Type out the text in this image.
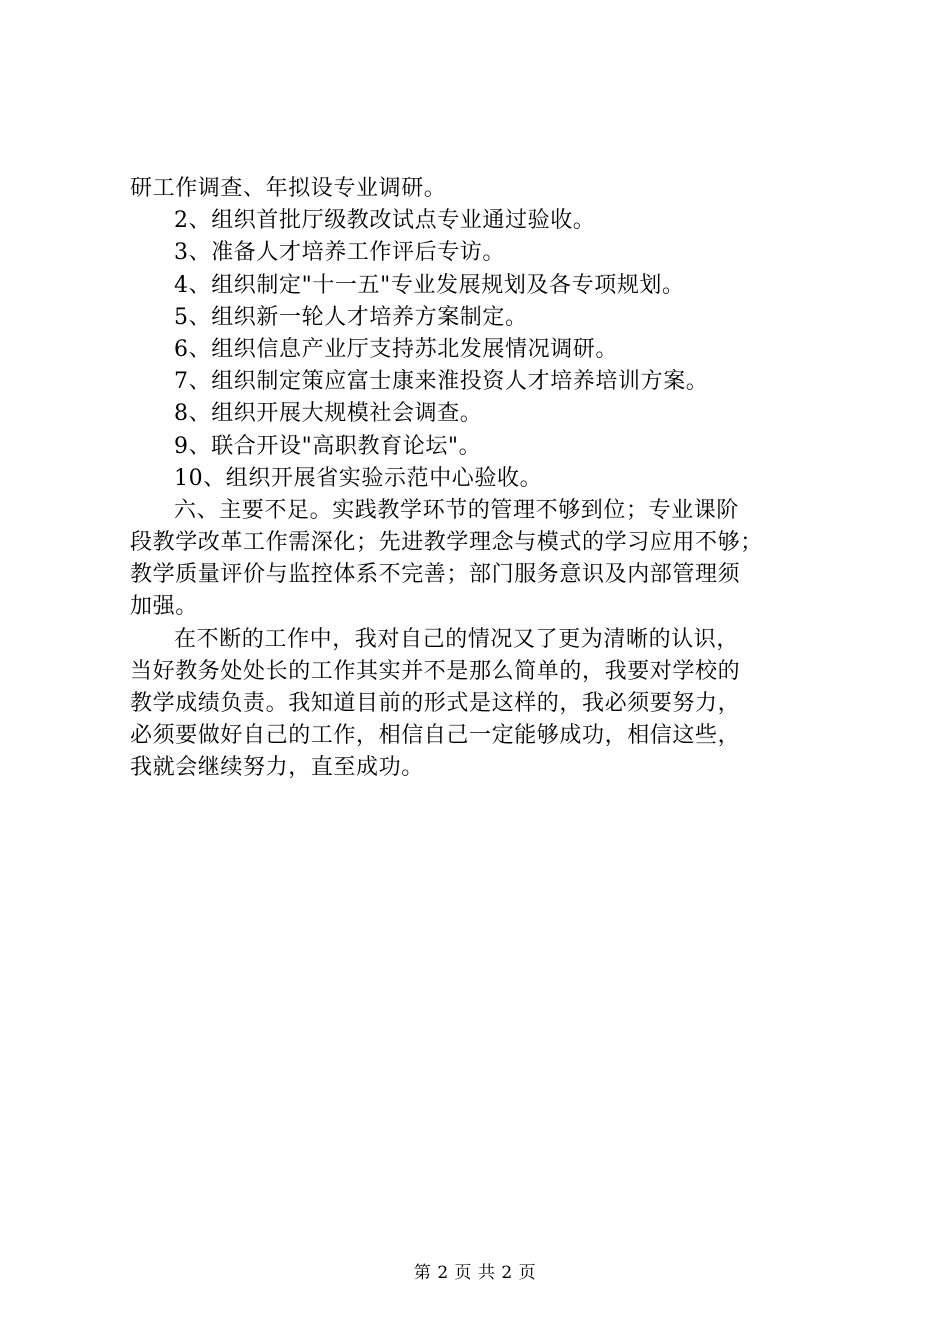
研工作调查、年拟设专业调研。
2、组织首批厅级教改试点专业通过验收。
3、准备人才培养工作评后专访。
4、组织制定"十一五"专业发展规划及各专项规划。
5、组织新一轮人才培养方案制定。
6、组织信息产业厅支持苏北发展情况调研。
7、组织制定策应富士康来淮投资人才培养培训方案。
8、组织开展大规模社会调查。
9、联合开设"高职教育论坛"。
10、组织开展省实验示范中心验收。
六、主要不足。实践教学环节的管理不够到位；专业课阶
段教学改革工作需深化；先进教学理念与模式的学习应用不够；
教学质量评价与监控体系不完善；部门服务意识及内部管理须
加强。
在不断的工作中，我对自己的情况又了更为清晰的认识，
当好教务处处长的工作其实并不是那么简单的，我要对学校的
教学成绩负责。我知道目前的形式是这样的，我必须要努力，
必须要做好自己的工作，相信自己一定能够成功，相信这些，
我就会继续努力，直至成功。
第 2 页 共 2 页
